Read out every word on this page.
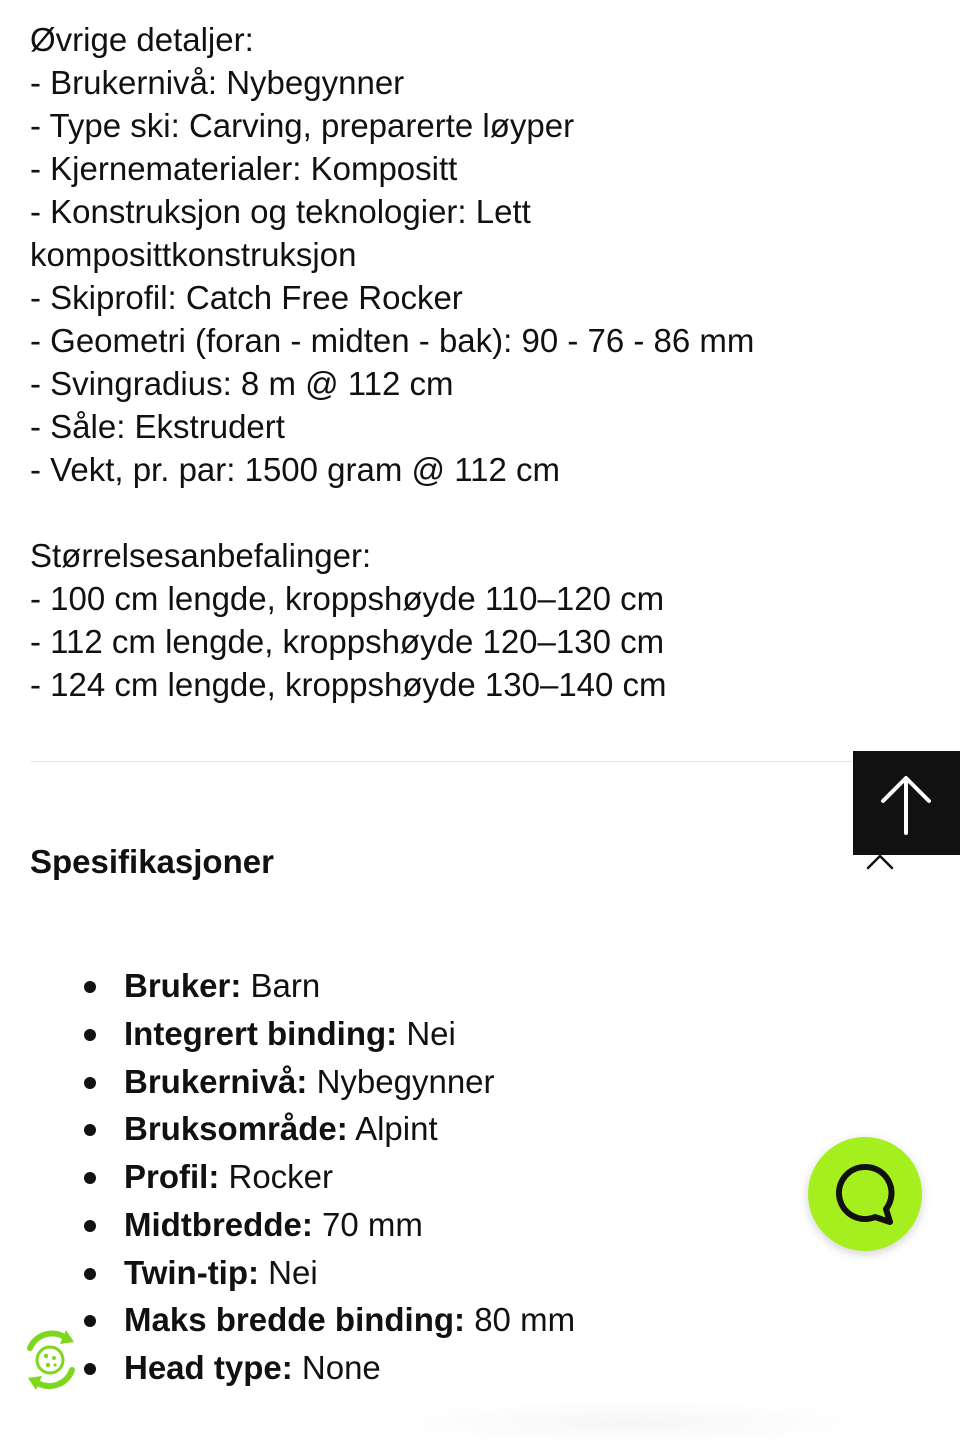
Øvrige detaljer:
- Brukernivå: Nybegynner
- Type ski: Carving, preparerte løyper
- Kjernematerialer: Kompositt
- Konstruksjon og teknologier: Lett
komposittkonstruksjon
- Skiprofil: Catch Free Rocker
- Geometri (foran - midten - bak): 90 - 76 - 86 mm
- Svingradius: 8 m @ 112 cm
- Såle: Ekstrudert
- Vekt, pr. par: 1500 gram @ 112 cm
Størrelsesanbefalinger:
- 100 cm lengde, kroppshøyde 110–120 cm
- 112 cm lengde, kroppshøyde 120–130 cm
- 124 cm lengde, kroppshøyde 130–140 cm
Spesifikasjoner
Bruker: Barn
Integrert binding: Nei
Brukernivå: Nybegynner
Bruksområde: Alpint
Profil: Rocker
Midtbredde: 70 mm
Twin-tip: Nei
Maks bredde binding: 80 mm
Head type: None
